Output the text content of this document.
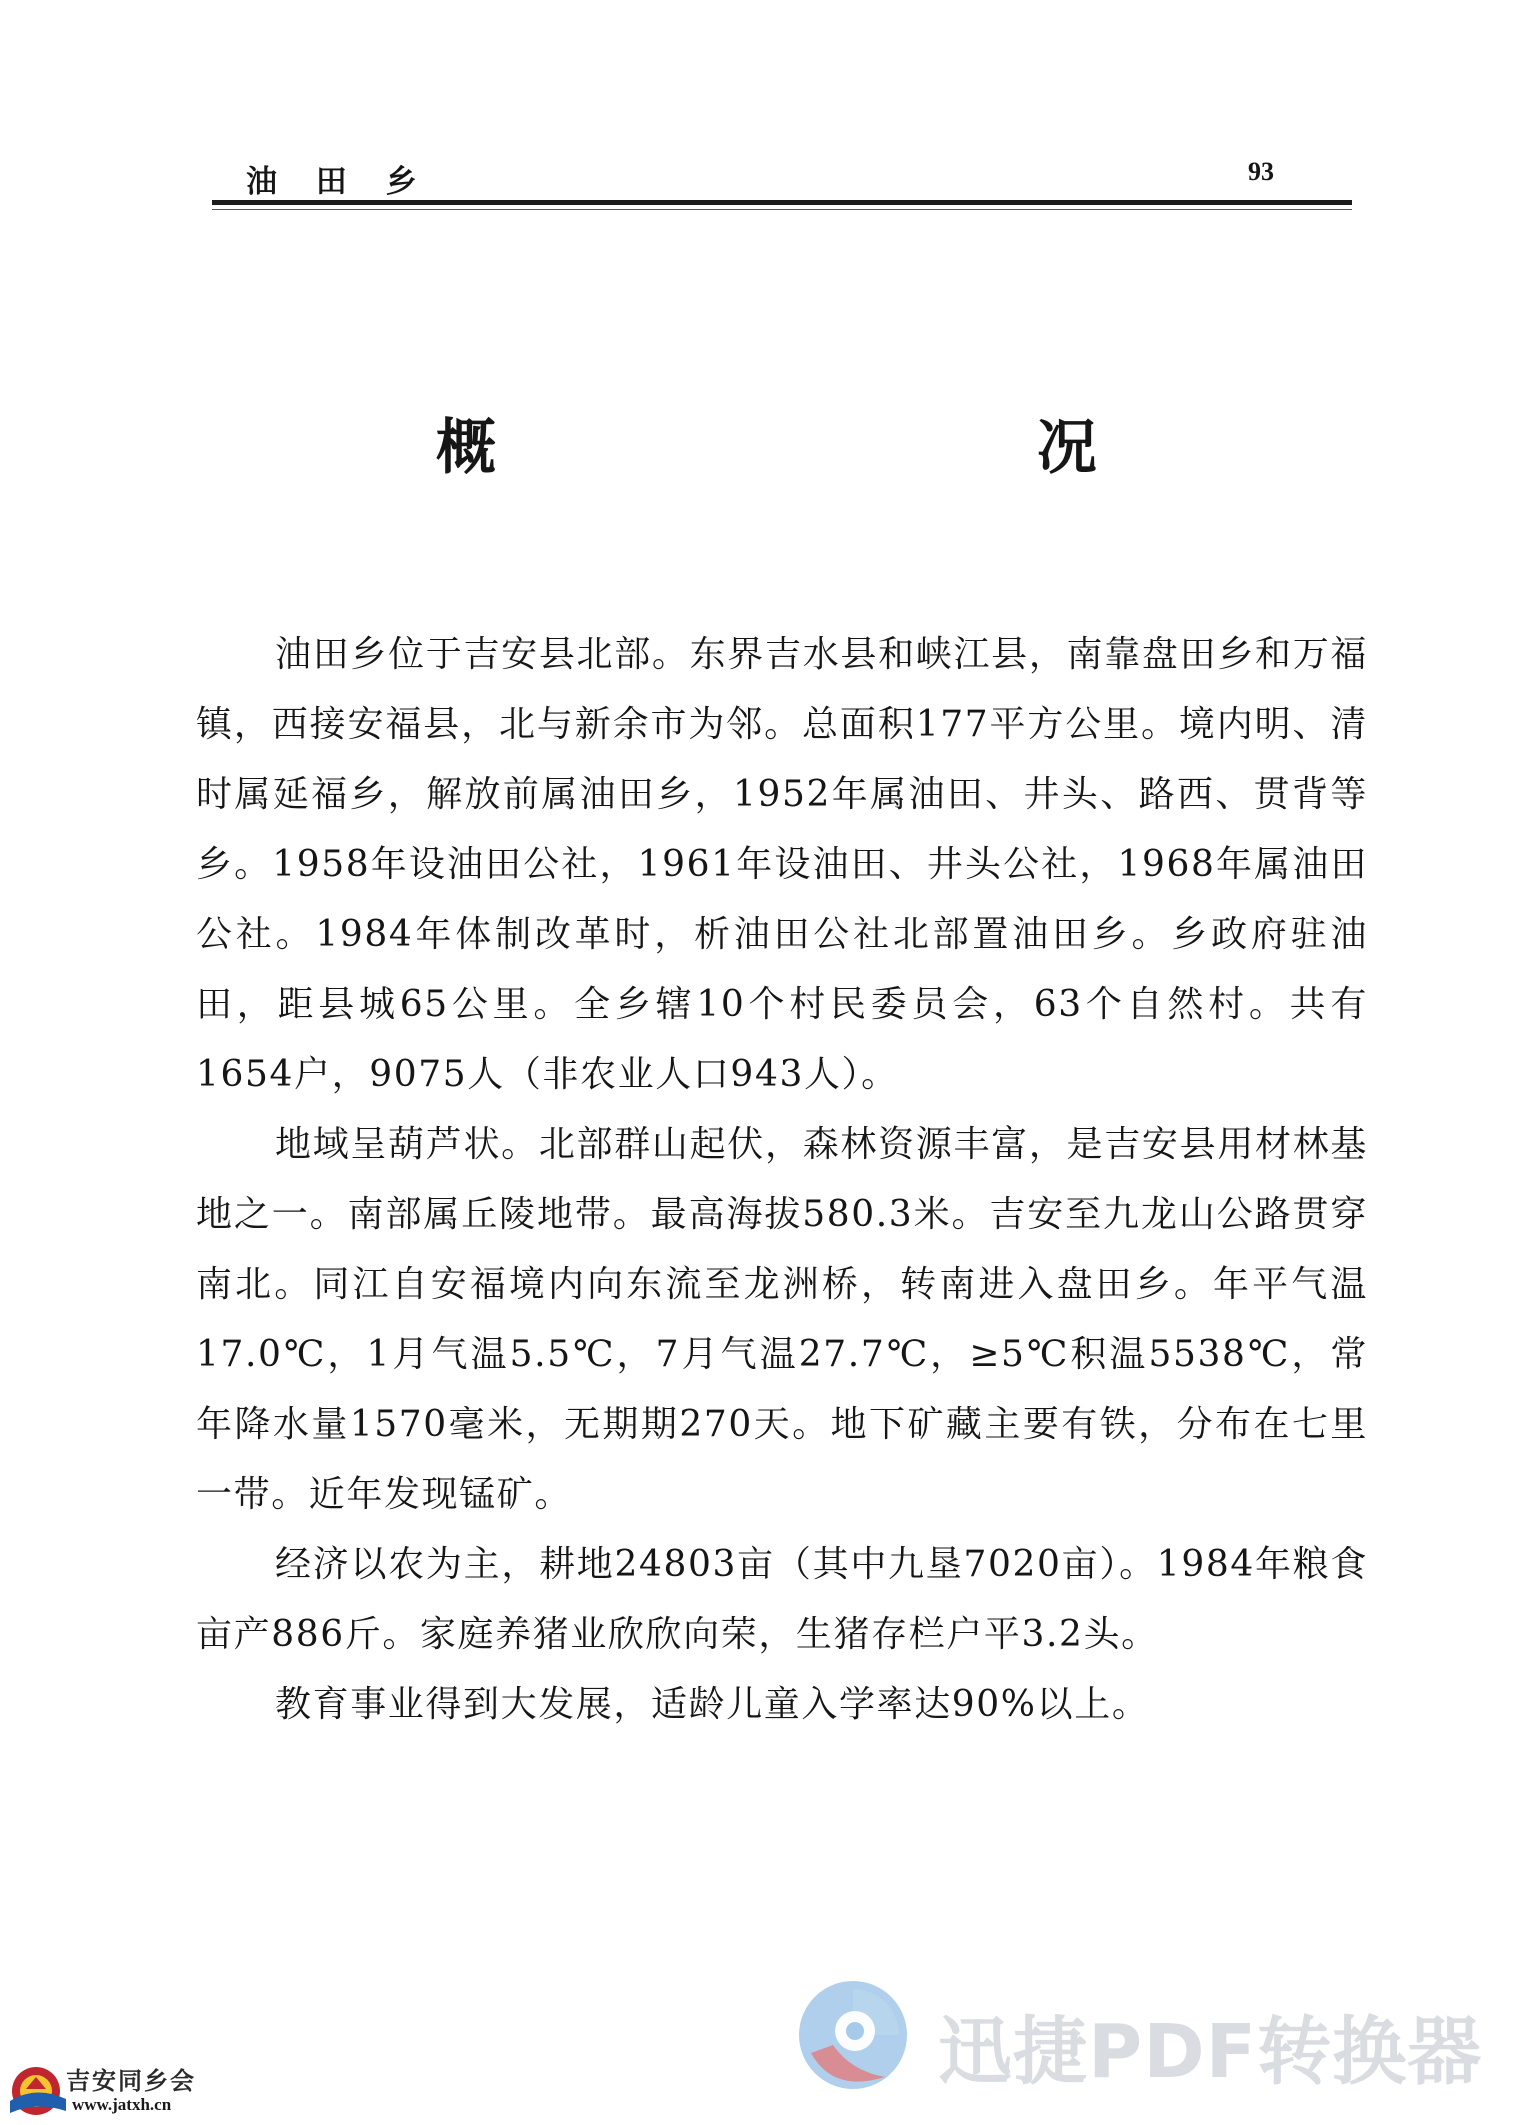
油 田 乡	93
概 况

油田乡位于吉安县北部。东界吉水县和峡江县，南靠盘田乡和万福镇，西接安福县，北与新余市为邻。总面积177平方公里。境内明、清时属延福乡，解放前属油田乡，1952年属油田、井头、路西、贯背等乡。1958年设油田公社，1961年设油田、井头公社，1968年属油田公社。1984年体制改革时，析油田公社北部置油田乡。乡政府驻油田，距县城65公里。全乡辖10个村民委员会，63个自然村。共有1654户，9075人（非农业人口943人）。

地域呈葫芦状。北部群山起伏，森林资源丰富，是吉安县用材林基地之一。南部属丘陵地带。最高海拔580.3米。吉安至九龙山公路贯穿南北。同江自安福境内向东流至龙洲桥，转南进入盘田乡。年平气温17.0℃，1月气温5.5℃，7月气温27.7℃，≥5℃积温5538℃，常年降水量1570毫米，无期期270天。地下矿藏主要有铁，分布在七里一带。近年发现锰矿。

经济以农为主，耕地24803亩（其中九垦7020亩）。1984年粮食亩产886斤。家庭养猪业欣欣向荣，生猪存栏户平3.2头。

教育事业得到大发展，适龄儿童入学率达90%以上。

迅捷PDF转换器
吉安同乡会
www.jatxh.cn
